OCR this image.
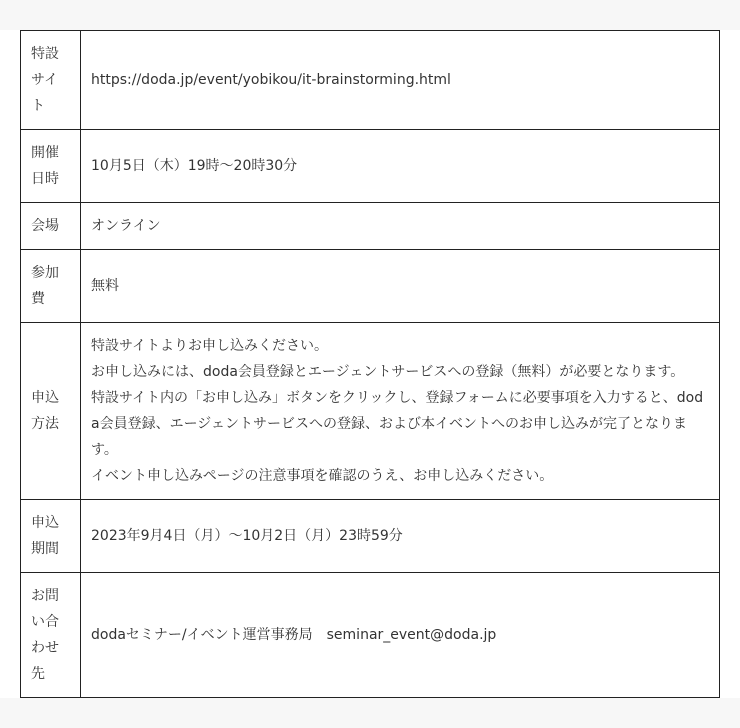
特設サイト	https://doda.jp/event/yobikou/it-brainstorming.html

開催日時	10月5日（木）19時〜20時30分

会場	オンライン

参加費	無料

申込方法	特設サイトよりお申し込みください。
お申し込みには、doda会員登録とエージェントサービスへの登録（無料）が必要となります。
特設サイト内の「お申し込み」ボタンをクリックし、登録フォームに必要事項を入力すると、doda会員登録、エージェントサービスへの登録、および本イベントへのお申し込みが完了となります。
イベント申し込みページの注意事項を確認のうえ、お申し込みください。

申込期間	2023年9月4日（月）〜10月2日（月）23時59分

お問い合わせ先	dodaセミナー/イベント運営事務局　seminar_event@doda.jp
